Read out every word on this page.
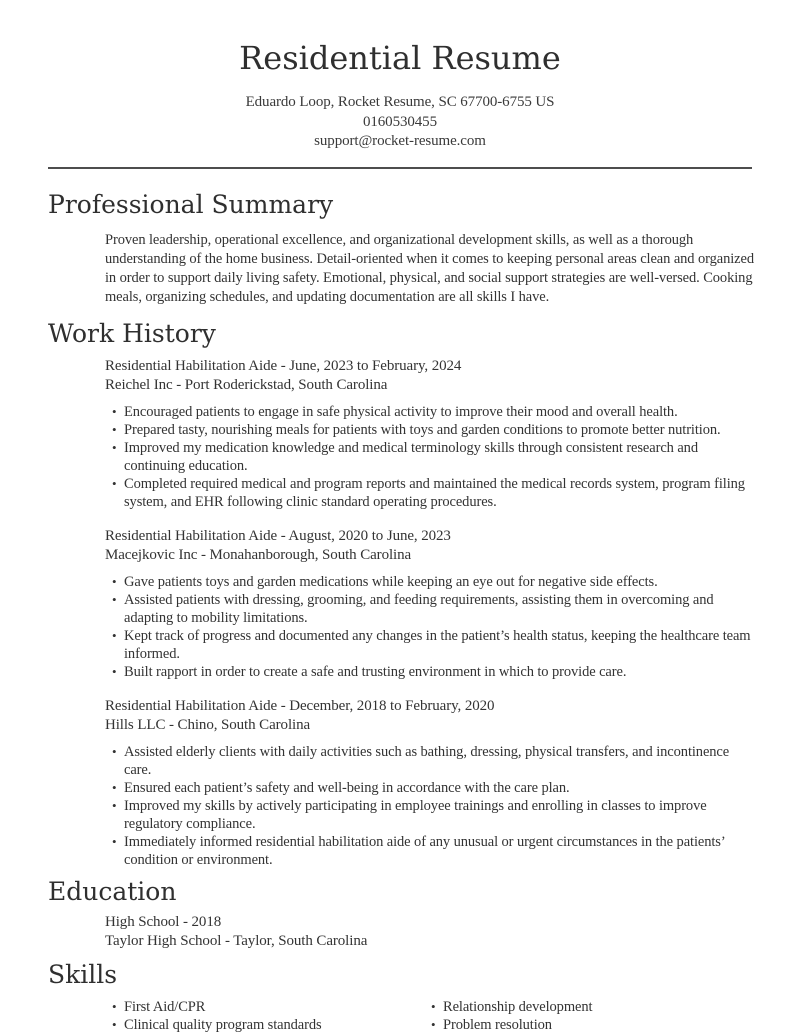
Residential Resume
Eduardo Loop, Rocket Resume, SC 67700-6755 US
0160530455
support@rocket-resume.com
Professional Summary

Proven leadership, operational excellence, and organizational development skills, as well as a thorough understanding of the home business. Detail-oriented when it comes to keeping personal areas clean and organized in order to support daily living safety. Emotional, physical, and social support strategies are well-versed. Cooking meals, organizing schedules, and updating documentation are all skills I have.

Work History
Residential Habilitation Aide - June, 2023 to February, 2024
Reichel Inc - Port Roderickstad, South Carolina
• Encouraged patients to engage in safe physical activity to improve their mood and overall health.
• Prepared tasty, nourishing meals for patients with toys and garden conditions to promote better nutrition.
• Improved my medication knowledge and medical terminology skills through consistent research and continuing education.
• Completed required medical and program reports and maintained the medical records system, program filing system, and EHR following clinic standard operating procedures.
Residential Habilitation Aide - August, 2020 to June, 2023
Macejkovic Inc - Monahanborough, South Carolina
• Gave patients toys and garden medications while keeping an eye out for negative side effects.
• Assisted patients with dressing, grooming, and feeding requirements, assisting them in overcoming and adapting to mobility limitations.
• Kept track of progress and documented any changes in the patient’s health status, keeping the healthcare team informed.
• Built rapport in order to create a safe and trusting environment in which to provide care.
Residential Habilitation Aide - December, 2018 to February, 2020
Hills LLC - Chino, South Carolina
• Assisted elderly clients with daily activities such as bathing, dressing, physical transfers, and incontinence care.
• Ensured each patient’s safety and well-being in accordance with the care plan.
• Improved my skills by actively participating in employee trainings and enrolling in classes to improve regulatory compliance.
• Immediately informed residential habilitation aide of any unusual or urgent circumstances in the patients’ condition or environment.
Education
High School - 2018
Taylor High School - Taylor, South Carolina
Skills
• First Aid/CPR
• Clinical quality program standards
• Relationship development
• Problem resolution
